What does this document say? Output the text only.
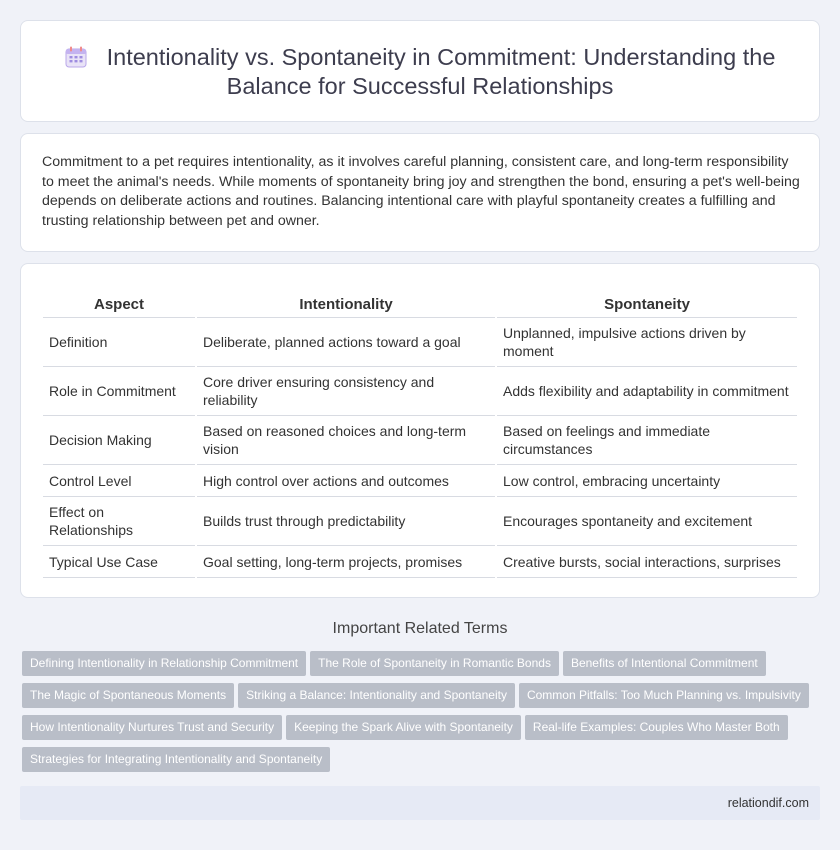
Intentionality vs. Spontaneity in Commitment: Understanding the Balance for Successful Relationships

Commitment to a pet requires intentionality, as it involves careful planning, consistent care, and long-term responsibility to meet the animal's needs. While moments of spontaneity bring joy and strengthen the bond, ensuring a pet's well-being depends on deliberate actions and routines. Balancing intentional care with playful spontaneity creates a fulfilling and trusting relationship between pet and owner.

Aspect	Intentionality	Spontaneity
Definition	Deliberate, planned actions toward a goal	Unplanned, impulsive actions driven by moment
Role in Commitment	Core driver ensuring consistency and reliability	Adds flexibility and adaptability in commitment
Decision Making	Based on reasoned choices and long-term vision	Based on feelings and immediate circumstances
Control Level	High control over actions and outcomes	Low control, embracing uncertainty
Effect on Relationships	Builds trust through predictability	Encourages spontaneity and excitement
Typical Use Case	Goal setting, long-term projects, promises	Creative bursts, social interactions, surprises
Important Related Terms
Defining Intentionality in Relationship Commitment The Role of Spontaneity in Romantic Bonds Benefits of Intentional Commitment
The Magic of Spontaneous Moments Striking a Balance: Intentionality and Spontaneity Common Pitfalls: Too Much Planning vs. Impulsivity
How Intentionality Nurtures Trust and Security Keeping the Spark Alive with Spontaneity Real-life Examples: Couples Who Master Both
Strategies for Integrating Intentionality and Spontaneity
relationdif.com
